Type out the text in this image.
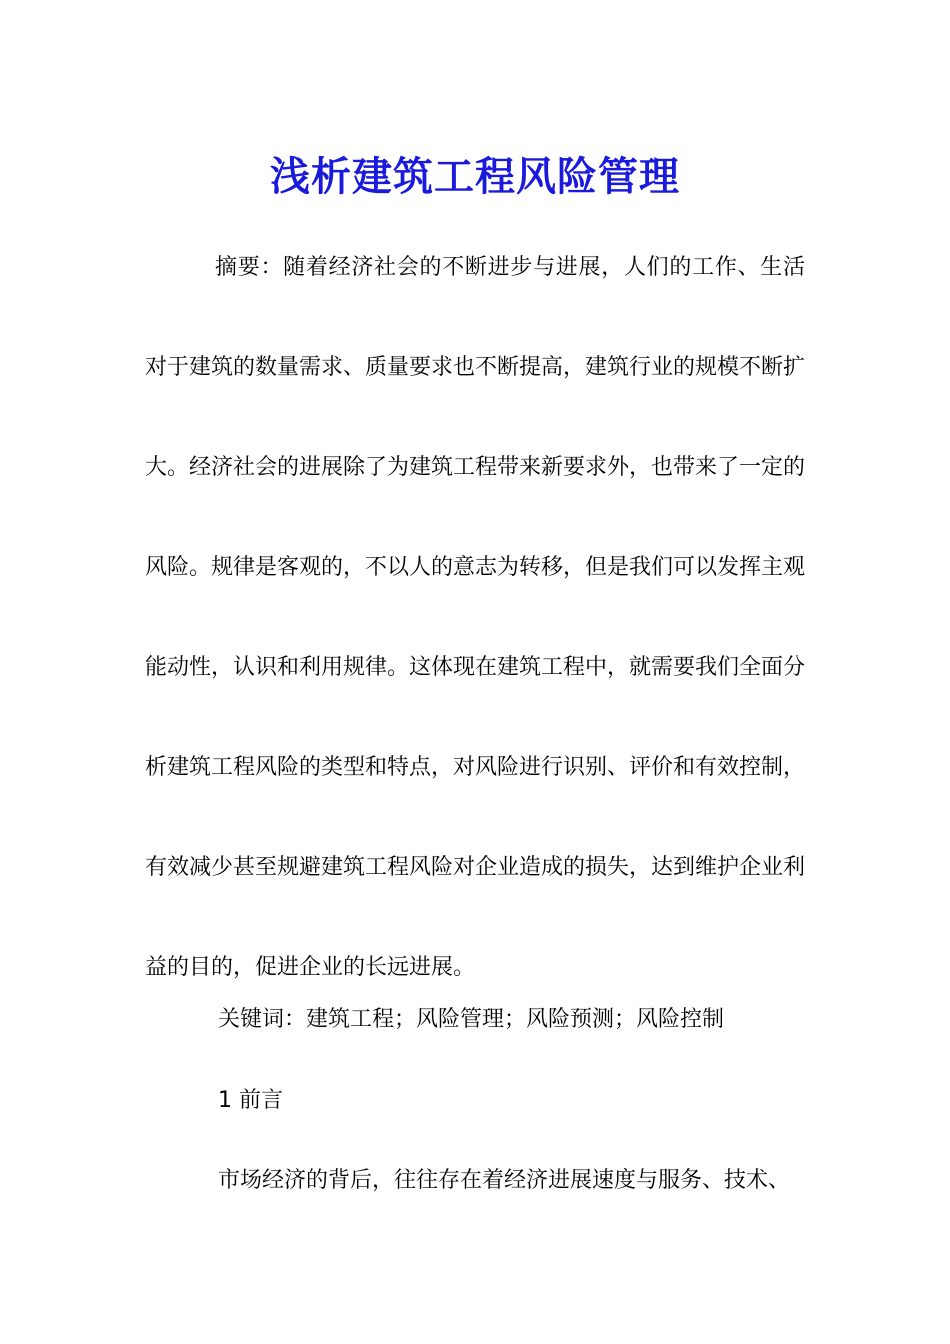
浅析建筑工程风险管理

摘要：随着经济社会的不断进步与进展，人们的工作、生活对于建筑的数量需求、质量要求也不断提高，建筑行业的规模不断扩大。经济社会的进展除了为建筑工程带来新要求外，也带来了一定的风险。规律是客观的，不以人的意志为转移，但是我们可以发挥主观能动性，认识和利用规律。这体现在建筑工程中，就需要我们全面分析建筑工程风险的类型和特点，对风险进行识别、评价和有效控制，有效减少甚至规避建筑工程风险对企业造成的损失，达到维护企业利益的目的，促进企业的长远进展。

关键词：建筑工程；风险管理；风险预测；风险控制

1 前言

市场经济的背后，往往存在着经济进展速度与服务、技术、
